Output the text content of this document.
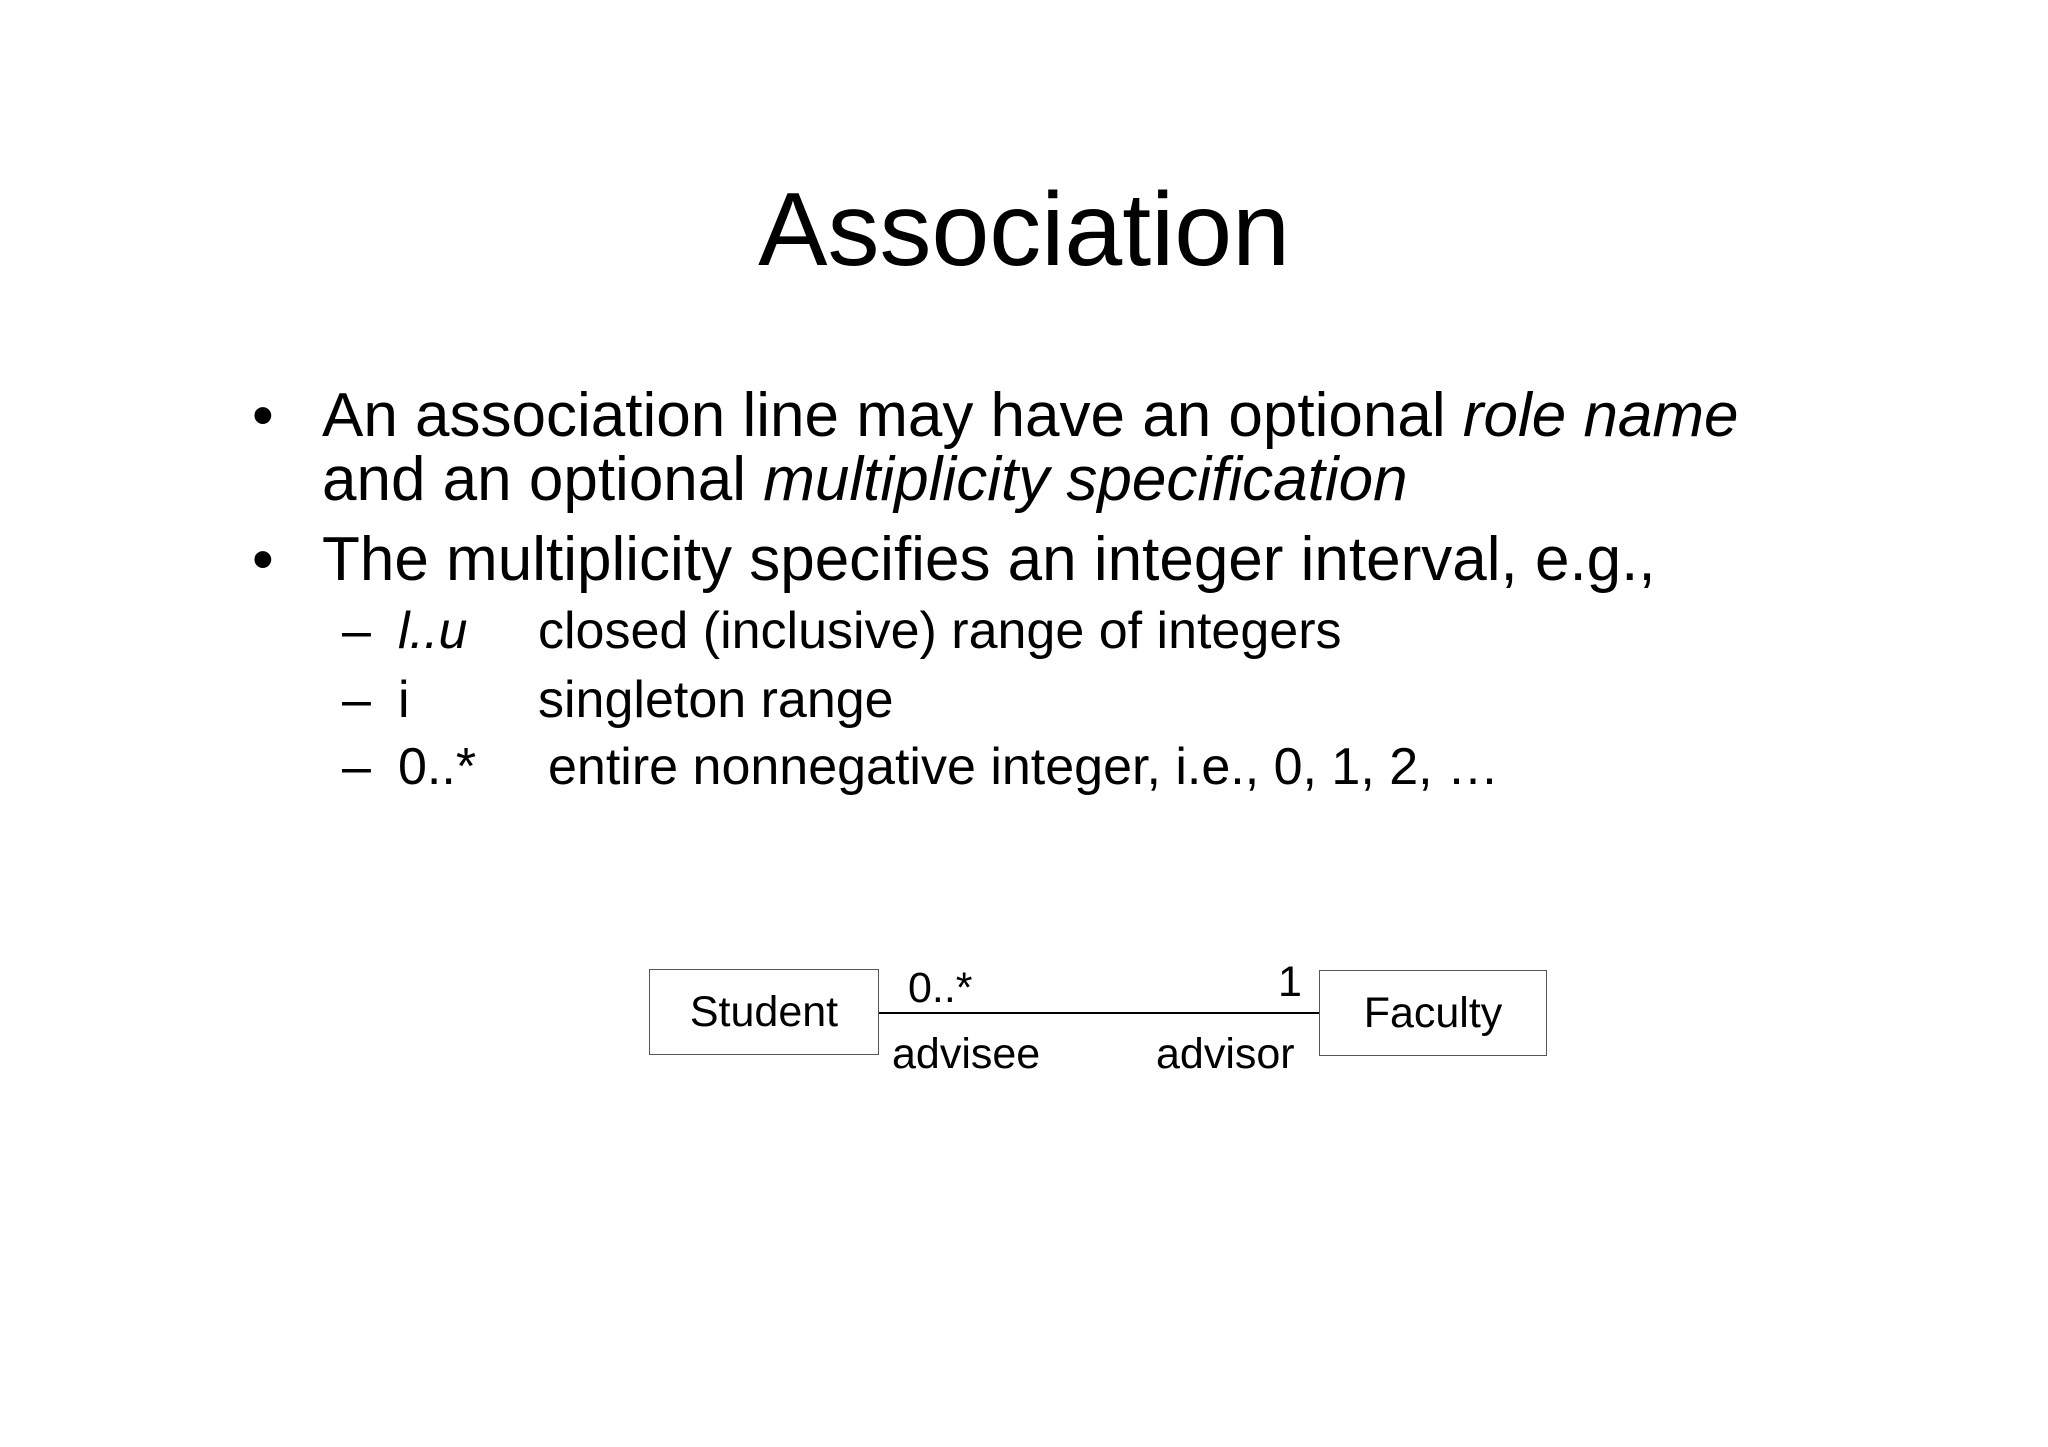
Association
• An association line may have an optional role name and an optional multiplicity specification
• The multiplicity specifies an integer interval, e.g.,
– l..u closed (inclusive) range of integers
– i singleton range
– 0..* entire nonnegative integer, i.e., 0, 1, 2, …
Student	Faculty
0..*	1
advisee	advisor
